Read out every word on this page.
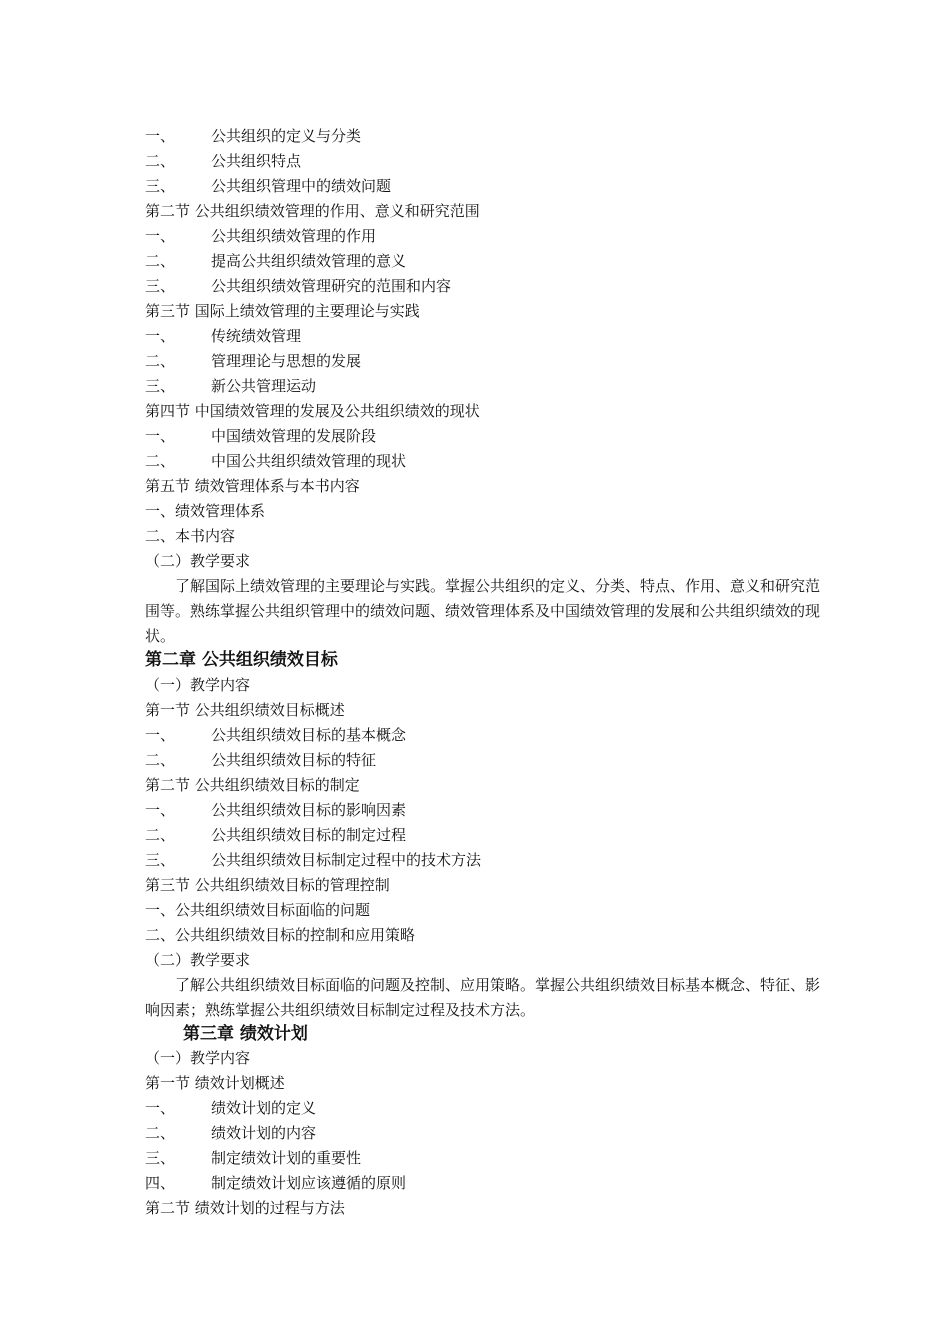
一、 公共组织的定义与分类
二、 公共组织特点
三、 公共组织管理中的绩效问题
第二节 公共组织绩效管理的作用、意义和研究范围
一、 公共组织绩效管理的作用
二、 提高公共组织绩效管理的意义
三、 公共组织绩效管理研究的范围和内容
第三节 国际上绩效管理的主要理论与实践
一、 传统绩效管理
二、 管理理论与思想的发展
三、 新公共管理运动
第四节 中国绩效管理的发展及公共组织绩效的现状
一、 中国绩效管理的发展阶段
二、 中国公共组织绩效管理的现状
第五节 绩效管理体系与本书内容
一、绩效管理体系
二、本书内容
（二）教学要求
了解国际上绩效管理的主要理论与实践。掌握公共组织的定义、分类、特点、作用、意义和研究范围等。熟练掌握公共组织管理中的绩效问题、绩效管理体系及中国绩效管理的发展和公共组织绩效的现状。
第二章 公共组织绩效目标
（一）教学内容
第一节 公共组织绩效目标概述
一、 公共组织绩效目标的基本概念
二、 公共组织绩效目标的特征
第二节 公共组织绩效目标的制定
一、 公共组织绩效目标的影响因素
二、 公共组织绩效目标的制定过程
三、 公共组织绩效目标制定过程中的技术方法
第三节 公共组织绩效目标的管理控制
一、公共组织绩效目标面临的问题
二、公共组织绩效目标的控制和应用策略
（二）教学要求
了解公共组织绩效目标面临的问题及控制、应用策略。掌握公共组织绩效目标基本概念、特征、影响因素；熟练掌握公共组织绩效目标制定过程及技术方法。
第三章 绩效计划
（一）教学内容
第一节 绩效计划概述
一、 绩效计划的定义
二、 绩效计划的内容
三、 制定绩效计划的重要性
四、 制定绩效计划应该遵循的原则
第二节 绩效计划的过程与方法
